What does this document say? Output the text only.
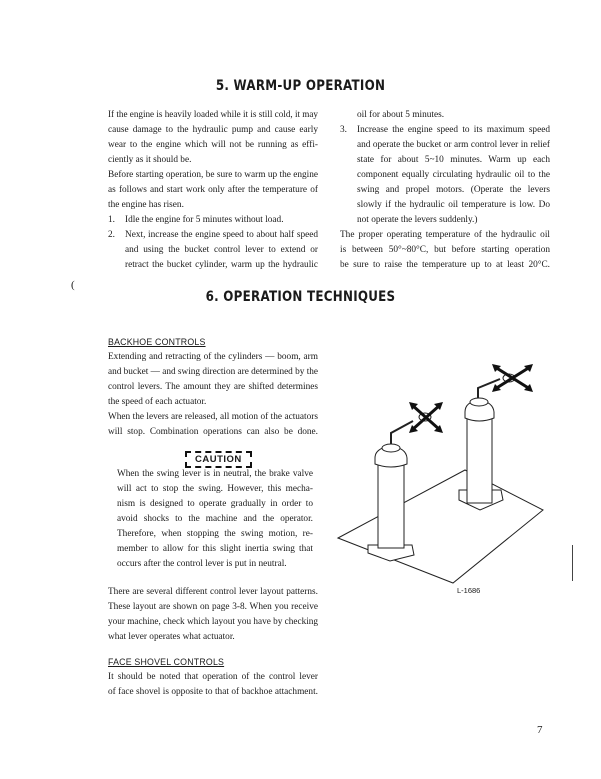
5. WARM-UP OPERATION
If the engine is heavily loaded while it is still cold, it may
cause damage to the hydraulic pump and cause early
wear to the engine which will not be running as effi-
ciently as it should be.
Before starting operation, be sure to warm up the engine
as follows and start work only after the temperature of
the engine has risen.
1. Idle the engine for 5 minutes without load.
2. Next, increase the engine speed to about half speed
and using the bucket control lever to extend or
retract the bucket cylinder, warm up the hydraulic
oil for about 5 minutes.
3. Increase the engine speed to its maximum speed
and operate the bucket or arm control lever in relief
state for about 5~10 minutes. Warm up each
component equally circulating hydraulic oil to the
swing and propel motors. (Operate the levers
slowly if the hydraulic oil temperature is low. Do
not operate the levers suddenly.)
The proper operating temperature of the hydraulic oil
is between 50°~80°C, but before starting operation
be sure to raise the temperature up to at least 20°C.
(
6. OPERATION TECHNIQUES
BACKHOE CONTROLS
Extending and retracting of the cylinders — boom, arm
and bucket — and swing direction are determined by the
control levers. The amount they are shifted determines
the speed of each actuator.
When the levers are released, all motion of the actuators
will stop. Combination operations can also be done.
CAUTION
When the swing lever is in neutral, the brake valve
will act to stop the swing. However, this mecha-
nism is designed to operate gradually in order to
avoid shocks to the machine and the operator.
Therefore, when stopping the swing motion, re-
member to allow for this slight inertia swing that
occurs after the control lever is put in neutral.
There are several different control lever layout patterns.
These layout are shown on page 3-8. When you receive
your machine, check which layout you have by checking
what lever operates what actuator.
FACE SHOVEL CONTROLS
It should be noted that operation of the control lever
of face shovel is opposite to that of backhoe attachment.
L-1686
7
